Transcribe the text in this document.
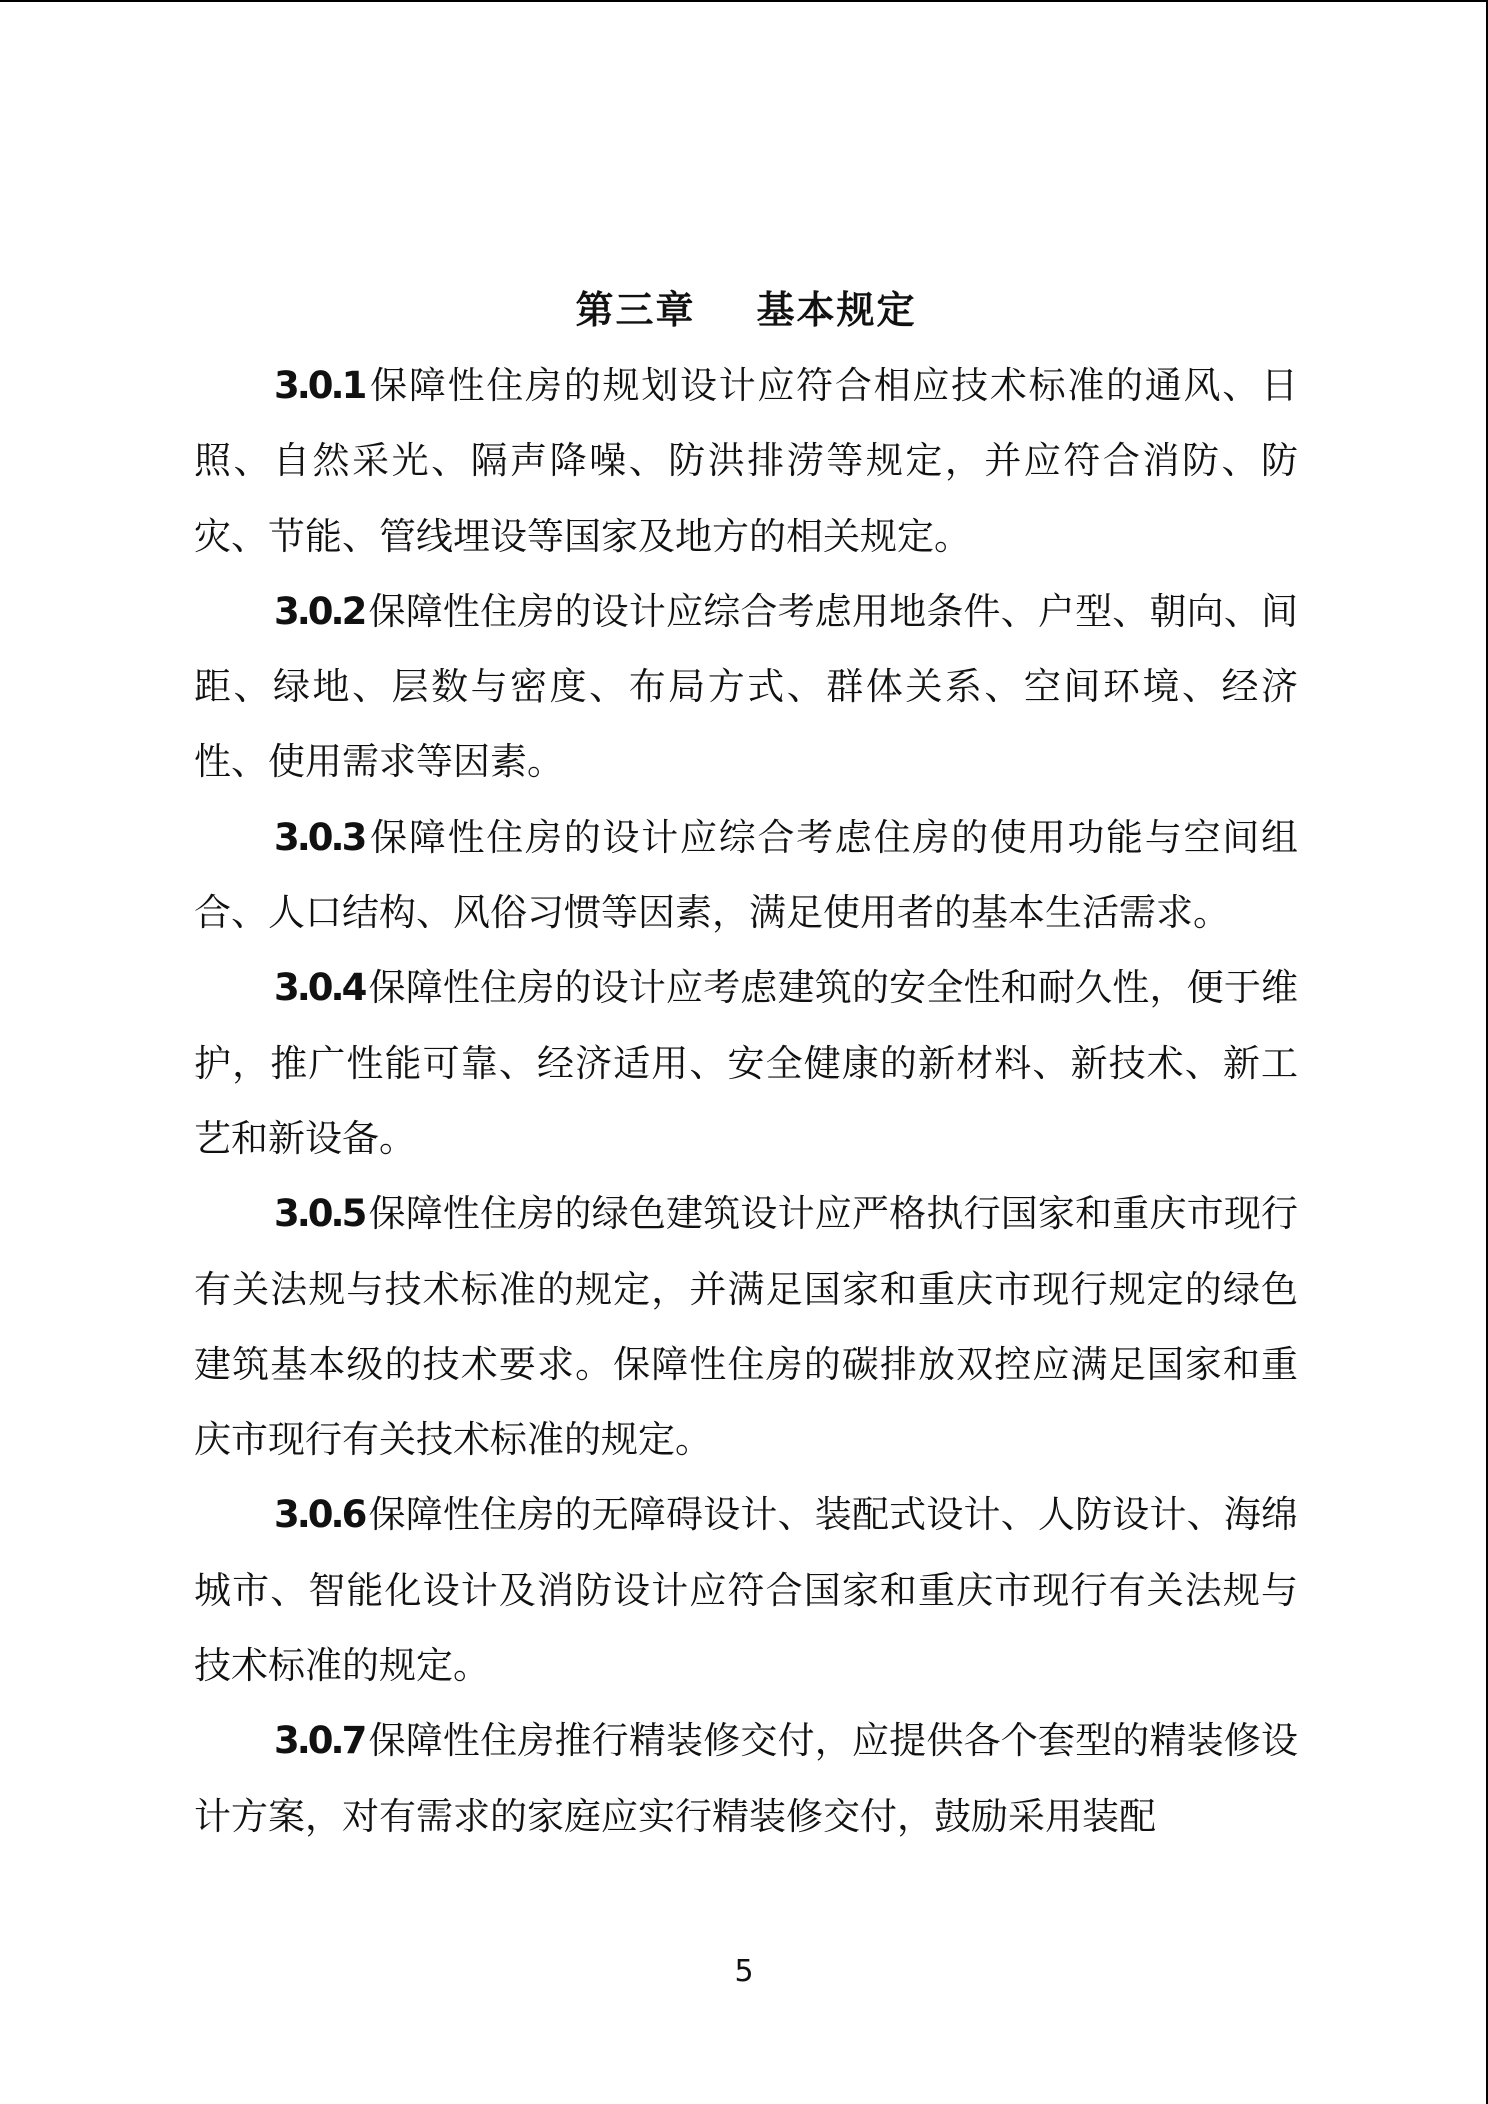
第三章    基本规定

3.0.1 保障性住房的规划设计应符合相应技术标准的通风、日照、自然采光、隔声降噪、防洪排涝等规定，并应符合消防、防灾、节能、管线埋设等国家及地方的相关规定。

3.0.2 保障性住房的设计应综合考虑用地条件、户型、朝向、间距、绿地、层数与密度、布局方式、群体关系、空间环境、经济性、使用需求等因素。

3.0.3 保障性住房的设计应综合考虑住房的使用功能与空间组合、人口结构、风俗习惯等因素，满足使用者的基本生活需求。

3.0.4 保障性住房的设计应考虑建筑的安全性和耐久性，便于维护，推广性能可靠、经济适用、安全健康的新材料、新技术、新工艺和新设备。

3.0.5 保障性住房的绿色建筑设计应严格执行国家和重庆市现行有关法规与技术标准的规定，并满足国家和重庆市现行规定的绿色建筑基本级的技术要求。保障性住房的碳排放双控应满足国家和重庆市现行有关技术标准的规定。

3.0.6 保障性住房的无障碍设计、装配式设计、人防设计、海绵城市、智能化设计及消防设计应符合国家和重庆市现行有关法规与技术标准的规定。

3.0.7 保障性住房推行精装修交付，应提供各个套型的精装修设计方案，对有需求的家庭应实行精装修交付，鼓励采用装配

5
